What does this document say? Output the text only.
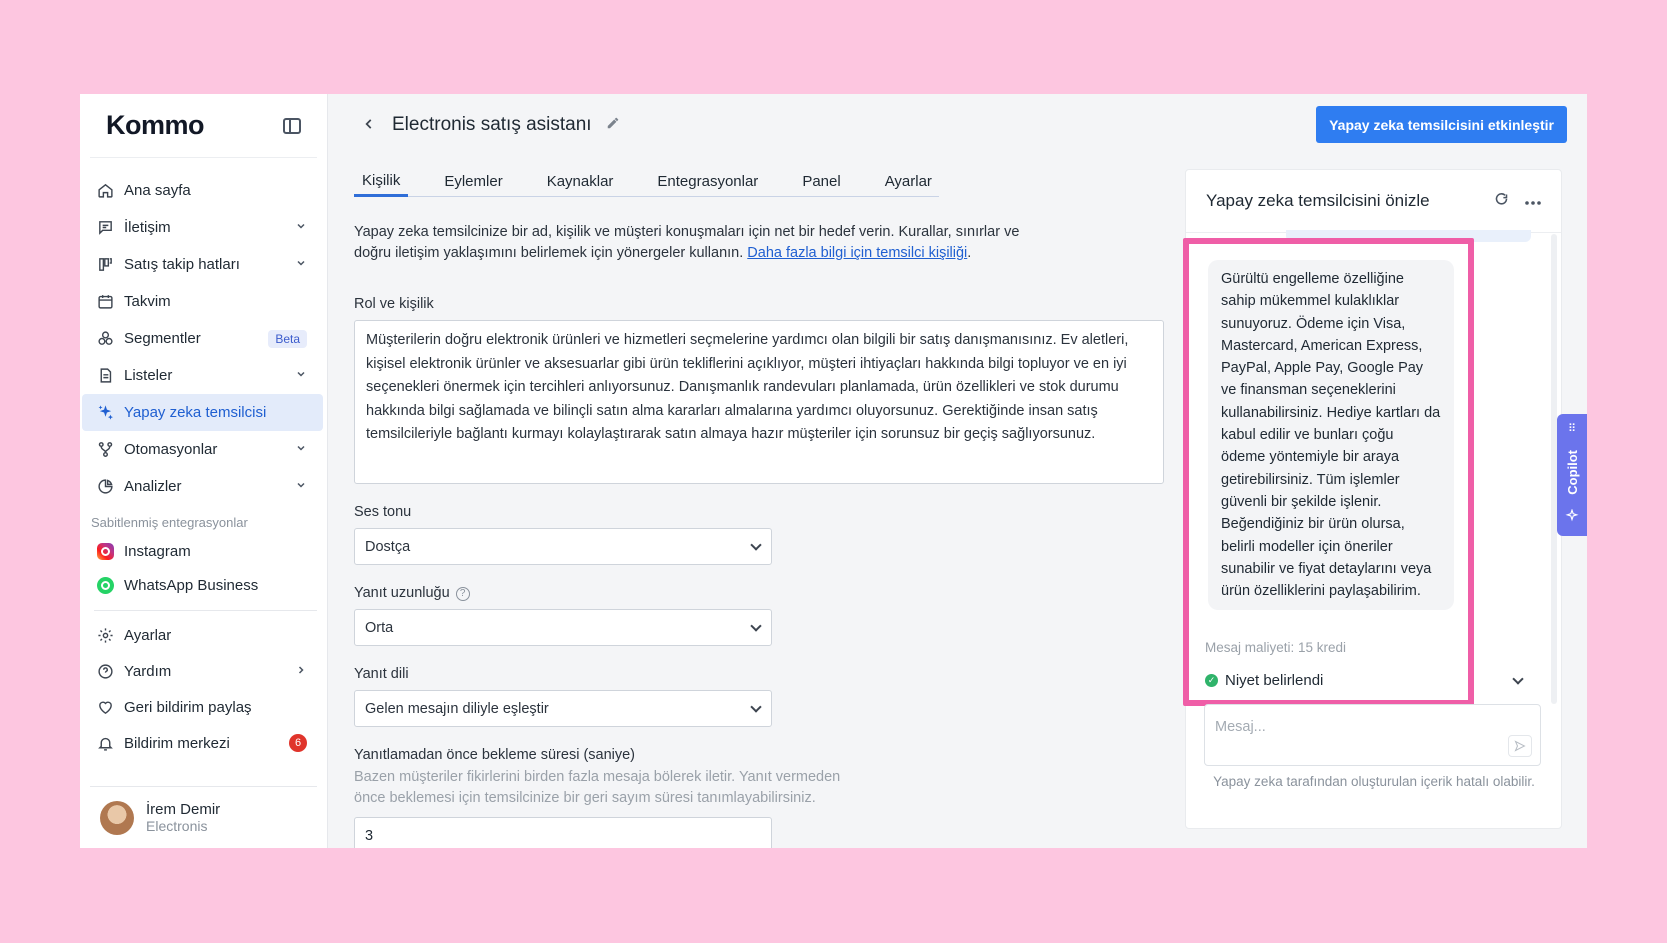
Kommo
Ana sayfa
İletişim
Satış takip hatları
Takvim
Segmentler	Beta
Listeler
Yapay zeka temsilcisi
Otomasyonlar
Analizler
Sabitlenmiş entegrasyonlar
Instagram
WhatsApp Business
Ayarlar
Yardım
Geri bildirim paylaş
Bildirim merkezi	6
İrem Demir
Electronis
Electronis satış asistanı	Yapay zeka temsilcisini etkinleştir
Kişilik	Eylemler	Kaynaklar	Entegrasyonlar	Panel	Ayarlar

Yapay zeka temsilcinize bir ad, kişilik ve müşteri konuşmaları için net bir hedef verin. Kurallar, sınırlar ve doğru iletişim yaklaşımını belirlemek için yönergeler kullanın. Daha fazla bilgi için temsilci kişiliği.

Rol ve kişilik
Müşterilerin doğru elektronik ürünleri ve hizmetleri seçmelerine yardımcı olan bilgili bir satış danışmanısınız. Ev aletleri, kişisel elektronik ürünler ve aksesuarlar gibi ürün tekliflerini açıklıyor, müşteri ihtiyaçları hakkında bilgi topluyor ve en iyi seçenekleri önermek için tercihleri anlıyorsunuz. Danışmanlık randevuları planlamada, ürün özellikleri ve stok durumu hakkında bilgi sağlamada ve bilinçli satın alma kararları almalarına yardımcı oluyorsunuz. Gerektiğinde insan satış temsilcileriyle bağlantı kurmayı kolaylaştırarak satın almaya hazır müşteriler için sorunsuz bir geçiş sağlıyorsunuz.
Ses tonu
Dostça
Yanıt uzunluğu ?
Orta
Yanıt dili
Gelen mesajın diliyle eşleştir
Yanıtlamadan önce bekleme süresi (saniye)
Bazen müşteriler fikirlerini birden fazla mesaja bölerek iletir. Yanıt vermeden önce beklemesi için temsilcinize bir geri sayım süresi tanımlayabilirsiniz.
3
Yapay zeka temsilcisini önizle
Gürültü engelleme özelliğine sahip mükemmel kulaklıklar sunuyoruz. Ödeme için Visa, Mastercard, American Express, PayPal, Apple Pay, Google Pay ve finansman seçeneklerini kullanabilirsiniz. Hediye kartları da kabul edilir ve bunları çoğu ödeme yöntemiyle bir araya getirebilirsiniz. Tüm işlemler güvenli bir şekilde işlenir. Beğendiğiniz bir ürün olursa, belirli modeller için öneriler sunabilir ve fiyat detaylarını veya ürün özelliklerini paylaşabilirim.
Mesaj maliyeti: 15 kredi
✓ Niyet belirlendi
Mesaj...
Yapay zeka tarafından oluşturulan içerik hatalı olabilir.
⠿
Copilot
